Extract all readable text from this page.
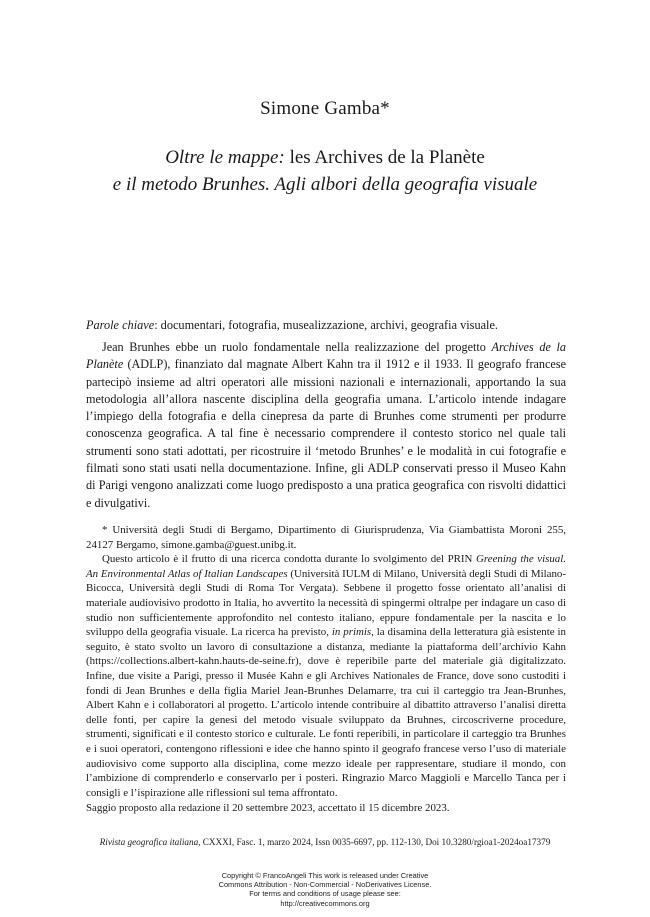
Simone Gamba*
Oltre le mappe: les Archives de la Planète
e il metodo Brunhes. Agli albori della geografia visuale
Parole chiave: documentari, fotografia, musealizzazione, archivi, geografia visuale.
Jean Brunhes ebbe un ruolo fondamentale nella realizzazione del progetto Archives de la Planète (ADLP), finanziato dal magnate Albert Kahn tra il 1912 e il 1933. Il geografo francese partecipò insieme ad altri operatori alle missioni nazionali e internazionali, apportando la sua metodologia all’allora nascente disciplina della geografia umana. L’articolo intende indagare l’impiego della fotografia e della cinepresa da parte di Brunhes come strumenti per produrre conoscenza geografica. A tal fine è necessario comprendere il contesto storico nel quale tali strumenti sono stati adottati, per ricostruire il ‘metodo Brunhes’ e le modalità in cui fotografie e filmati sono stati usati nella documentazione. Infine, gli ADLP conservati presso il Museo Kahn di Parigi vengono analizzati come luogo predisposto a una pratica geografica con risvolti didattici e divulgativi.

* Università degli Studi di Bergamo, Dipartimento di Giurisprudenza, Via Giambattista Moroni 255, 24127 Bergamo, simone.gamba@guest.unibg.it.

Questo articolo è il frutto di una ricerca condotta durante lo svolgimento del PRIN Greening the visual. An Environmental Atlas of Italian Landscapes (Università IULM di Milano, Università degli Studi di Milano-Bicocca, Università degli Studi di Roma Tor Vergata). Sebbene il progetto fosse orientato all’analisi di materiale audiovisivo prodotto in Italia, ho avvertito la necessità di spingermi oltralpe per indagare un caso di studio non sufficientemente approfondito nel contesto italiano, eppure fondamentale per la nascita e lo sviluppo della geografia visuale. La ricerca ha previsto, in primis, la disamina della letteratura già esistente in seguito, è stato svolto un lavoro di consultazione a distanza, mediante la piattaforma dell’archivio Kahn (https://collections.albert-kahn.hauts-de-seine.fr), dove è reperibile parte del materiale già digitalizzato. Infine, due visite a Parigi, presso il Musée Kahn e gli Archives Nationales de France, dove sono custoditi i fondi di Jean Brunhes e della figlia Mariel Jean-Brunhes Delamarre, tra cui il carteggio tra Jean-Brunhes, Albert Kahn e i collaboratori al progetto. L’articolo intende contribuire al dibattito attraverso l’analisi diretta delle fonti, per capire la genesi del metodo visuale sviluppato da Bruhnes, circoscriverne procedure, strumenti, significati e il contesto storico e culturale. Le fonti reperibili, in particolare il carteggio tra Brunhes e i suoi operatori, contengono riflessioni e idee che hanno spinto il geografo francese verso l’uso di materiale audiovisivo come supporto alla disciplina, come mezzo ideale per rappresentare, studiare il mondo, con l’ambizione di comprenderlo e conservarlo per i posteri. Ringrazio Marco Maggioli e Marcello Tanca per i consigli e l’ispirazione alle riflessioni sul tema affrontato.

Saggio proposto alla redazione il 20 settembre 2023, accettato il 15 dicembre 2023.
Rivista geografica italiana, CXXXI, Fasc. 1, marzo 2024, Issn 0035-6697, pp. 112-130, Doi 10.3280/rgioa1-2024oa17379
Copyright © FrancoAngeli This work is released under Creative
Commons Attribution - Non-Commercial - NoDerivatives License.
For terms and conditions of usage please see:
http://creativecommons.org
